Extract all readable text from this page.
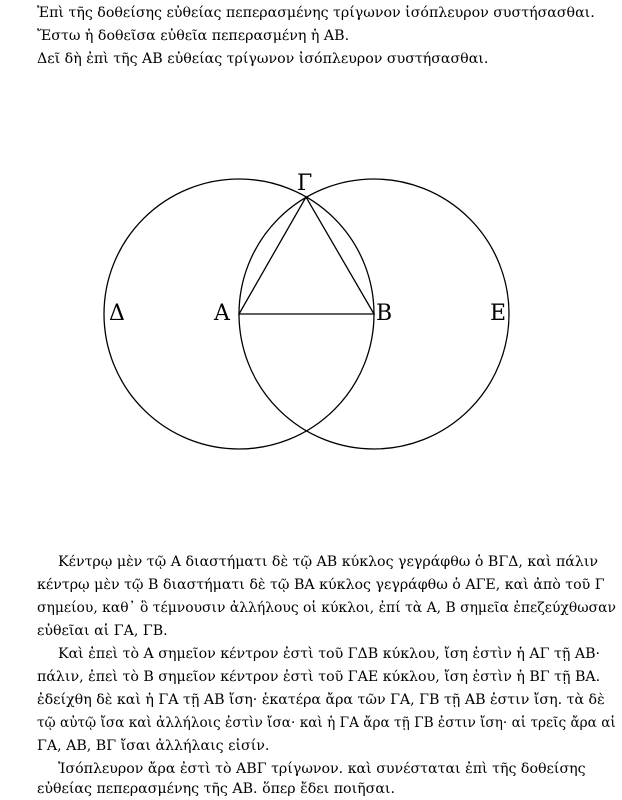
Ἐπὶ τῆς δοθείσης εὐθείας πεπερασμένης τρίγωνον ἰσόπλευρον συστήσασθαι.
Ἔστω ἡ δοθεῖσα εὐθεῖα πεπερασμένη ἡ ΑΒ.
Δεῖ δὴ ἐπὶ τῆς ΑΒ εὐθείας τρίγωνον ἰσόπλευρον συστήσασθαι.
Γ
Δ	Α	Β	Ε
Κέντρῳ μὲν τῷ Α διαστήματι δὲ τῷ ΑΒ κύκλος γεγράφθω ὁ ΒΓΔ, καὶ πάλιν
κέντρῳ μὲν τῷ Β διαστήματι δὲ τῷ ΒΑ κύκλος γεγράφθω ὁ ΑΓΕ, καὶ ἀπὸ τοῦ Γ
σημείου, καθ᾽ ὃ τέμνουσιν ἀλλήλους οἱ κύκλοι, ἐπί τὰ Α, Β σημεῖα ἐπεζεύχθωσαν
εὐθεῖαι αἱ ΓΑ, ΓΒ.
Καὶ ἐπεὶ τὸ Α σημεῖον κέντρον ἐστὶ τοῦ ΓΔΒ κύκλου, ἴση ἐστὶν ἡ ΑΓ τῇ ΑΒ·
πάλιν, ἐπεὶ τὸ Β σημεῖον κέντρον ἐστὶ τοῦ ΓΑΕ κύκλου, ἴση ἐστὶν ἡ ΒΓ τῇ ΒΑ.
ἐδείχθη δὲ καὶ ἡ ΓΑ τῇ ΑΒ ἴση· ἑκατέρα ἄρα τῶν ΓΑ, ΓΒ τῇ ΑΒ ἐστιν ἴση. τὰ δὲ
τῷ αὐτῷ ἴσα καὶ ἀλλήλοις ἐστὶν ἴσα· καὶ ἡ ΓΑ ἄρα τῇ ΓΒ ἐστιν ἴση· αἱ τρεῖς ἄρα αἱ
ΓΑ, ΑΒ, ΒΓ ἴσαι ἀλλήλαις εἰσίν.
Ἰσόπλευρον ἄρα ἐστὶ τὸ ΑΒΓ τρίγωνον. καὶ συνέσταται ἐπὶ τῆς δοθείσης
εὐθείας πεπερασμένης τῆς ΑΒ. ὅπερ ἔδει ποιῆσαι.
